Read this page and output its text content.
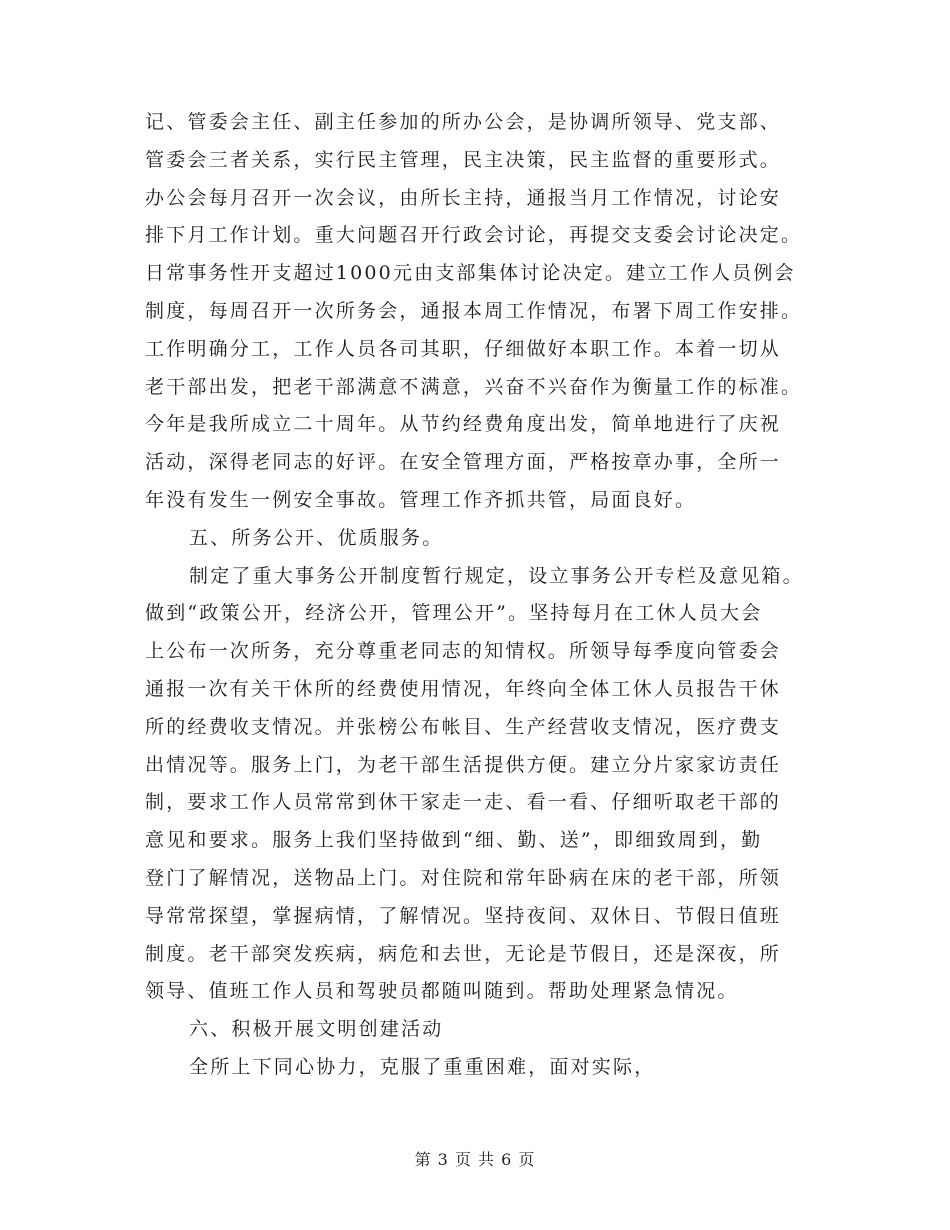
记、管委会主任、副主任参加的所办公会，是协调所领导、党支部、
管委会三者关系，实行民主管理，民主决策，民主监督的重要形式。
办公会每月召开一次会议，由所长主持，通报当月工作情况，讨论安
排下月工作计划。重大问题召开行政会讨论，再提交支委会讨论决定。
日常事务性开支超过1000元由支部集体讨论决定。建立工作人员例会
制度，每周召开一次所务会，通报本周工作情况，布署下周工作安排。
工作明确分工，工作人员各司其职，仔细做好本职工作。本着一切从
老干部出发，把老干部满意不满意，兴奋不兴奋作为衡量工作的标准。
今年是我所成立二十周年。从节约经费角度出发，简单地进行了庆祝
活动，深得老同志的好评。在安全管理方面，严格按章办事，全所一
年没有发生一例安全事故。管理工作齐抓共管，局面良好。
五、所务公开、优质服务。
制定了重大事务公开制度暂行规定，设立事务公开专栏及意见箱。
做到“政策公开，经济公开，管理公开”。坚持每月在工休人员大会
上公布一次所务，充分尊重老同志的知情权。所领导每季度向管委会
通报一次有关干休所的经费使用情况，年终向全体工休人员报告干休
所的经费收支情况。并张榜公布帐目、生产经营收支情况，医疗费支
出情况等。服务上门，为老干部生活提供方便。建立分片家家访责任
制，要求工作人员常常到休干家走一走、看一看、仔细听取老干部的
意见和要求。服务上我们坚持做到“细、勤、送”，即细致周到，勤
登门了解情况，送物品上门。对住院和常年卧病在床的老干部，所领
导常常探望，掌握病情，了解情况。坚持夜间、双休日、节假日值班
制度。老干部突发疾病，病危和去世，无论是节假日，还是深夜，所
领导、值班工作人员和驾驶员都随叫随到。帮助处理紧急情况。
六、积极开展文明创建活动
全所上下同心协力，克服了重重困难，面对实际，
第 3 页 共 6 页
